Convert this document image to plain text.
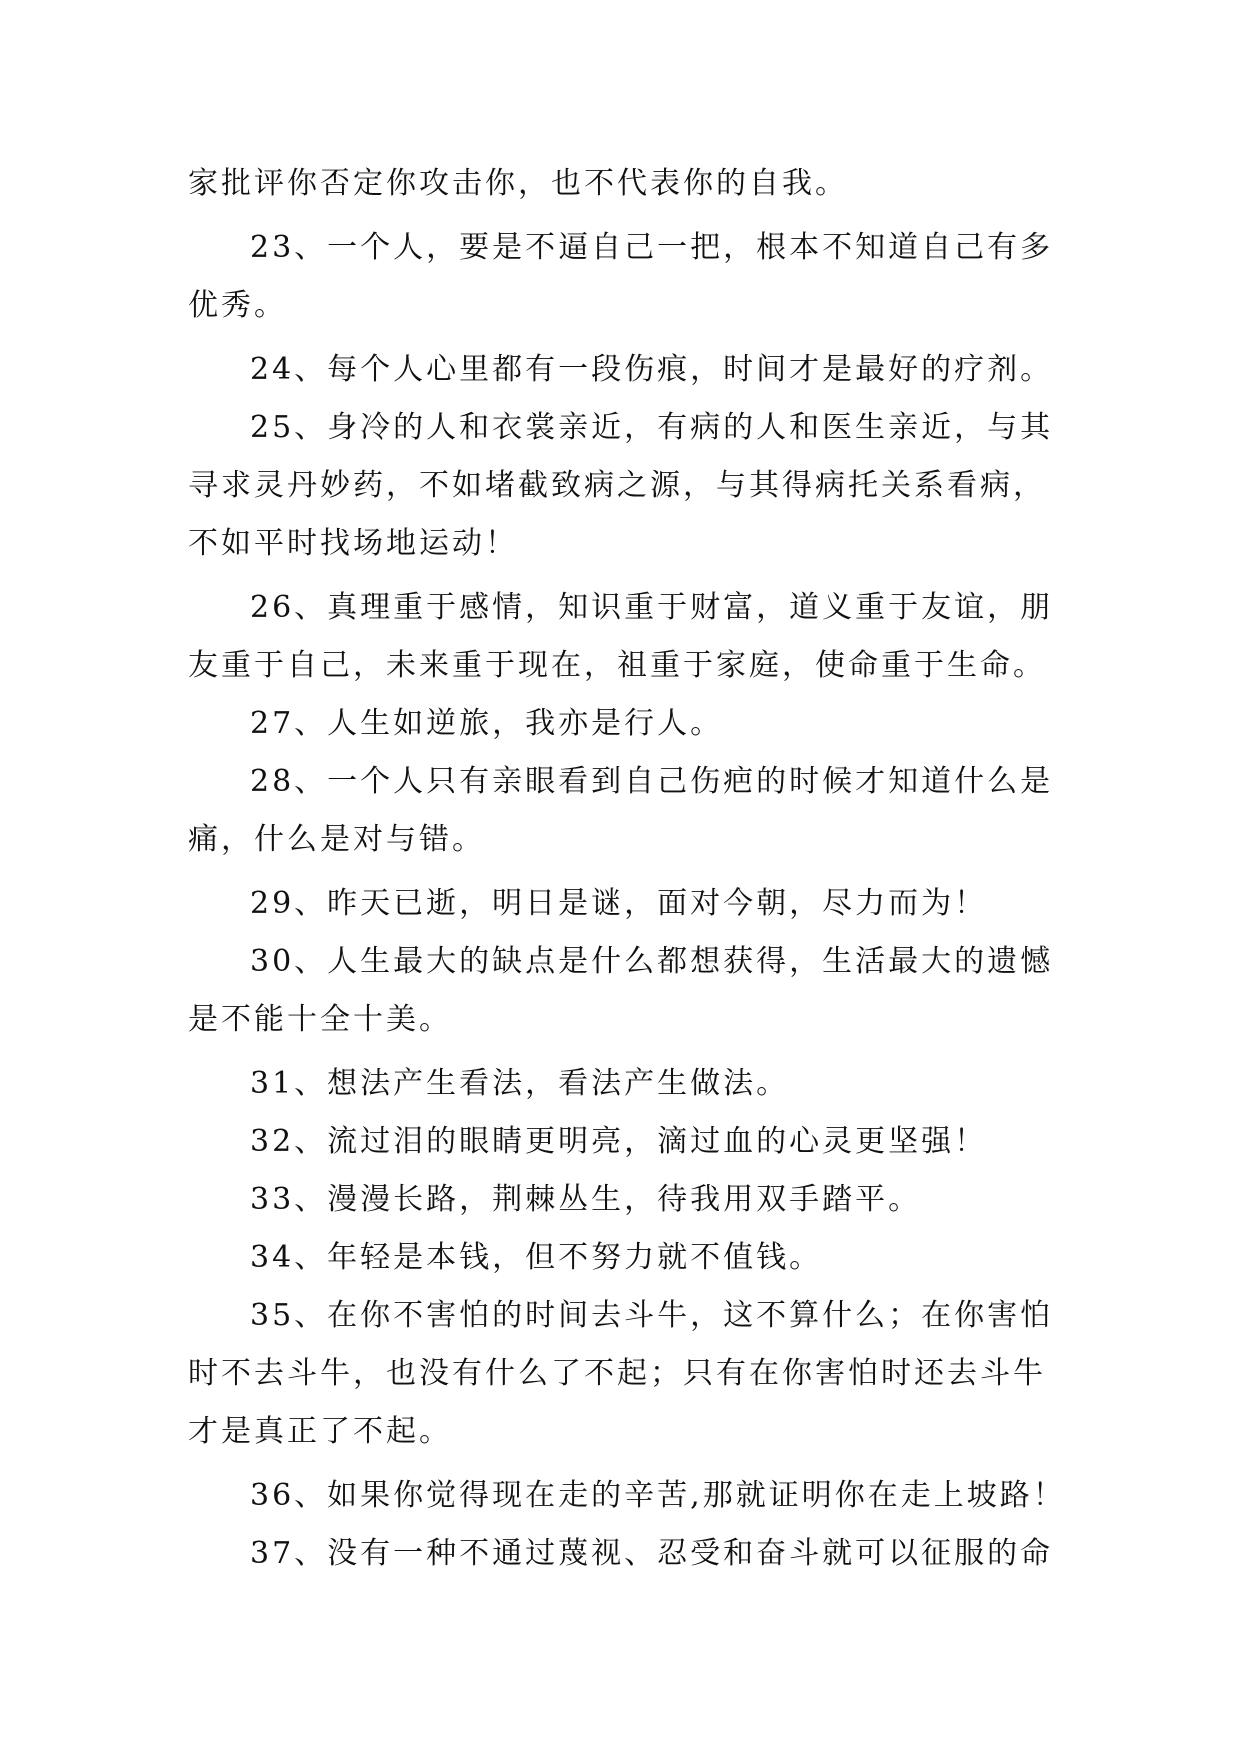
家批评你否定你攻击你，也不代表你的自我。
23、一个人，要是不逼自己一把，根本不知道自己有多
优秀。
24、每个人心里都有一段伤痕，时间才是最好的疗剂。
25、身冷的人和衣裳亲近，有病的人和医生亲近，与其
寻求灵丹妙药，不如堵截致病之源，与其得病托关系看病，
不如平时找场地运动！
26、真理重于感情，知识重于财富，道义重于友谊，朋
友重于自己，未来重于现在，祖重于家庭，使命重于生命。
27、人生如逆旅，我亦是行人。
28、一个人只有亲眼看到自己伤疤的时候才知道什么是
痛，什么是对与错。
29、昨天已逝，明日是谜，面对今朝，尽力而为！
30、人生最大的缺点是什么都想获得，生活最大的遗憾
是不能十全十美。
31、想法产生看法，看法产生做法。
32、流过泪的眼睛更明亮，滴过血的心灵更坚强！
33、漫漫长路，荆棘丛生，待我用双手踏平。
34、年轻是本钱，但不努力就不值钱。
35、在你不害怕的时间去斗牛，这不算什么；在你害怕
时不去斗牛，也没有什么了不起；只有在你害怕时还去斗牛
才是真正了不起。
36、如果你觉得现在走的辛苦,那就证明你在走上坡路！
37、没有一种不通过蔑视、忍受和奋斗就可以征服的命
